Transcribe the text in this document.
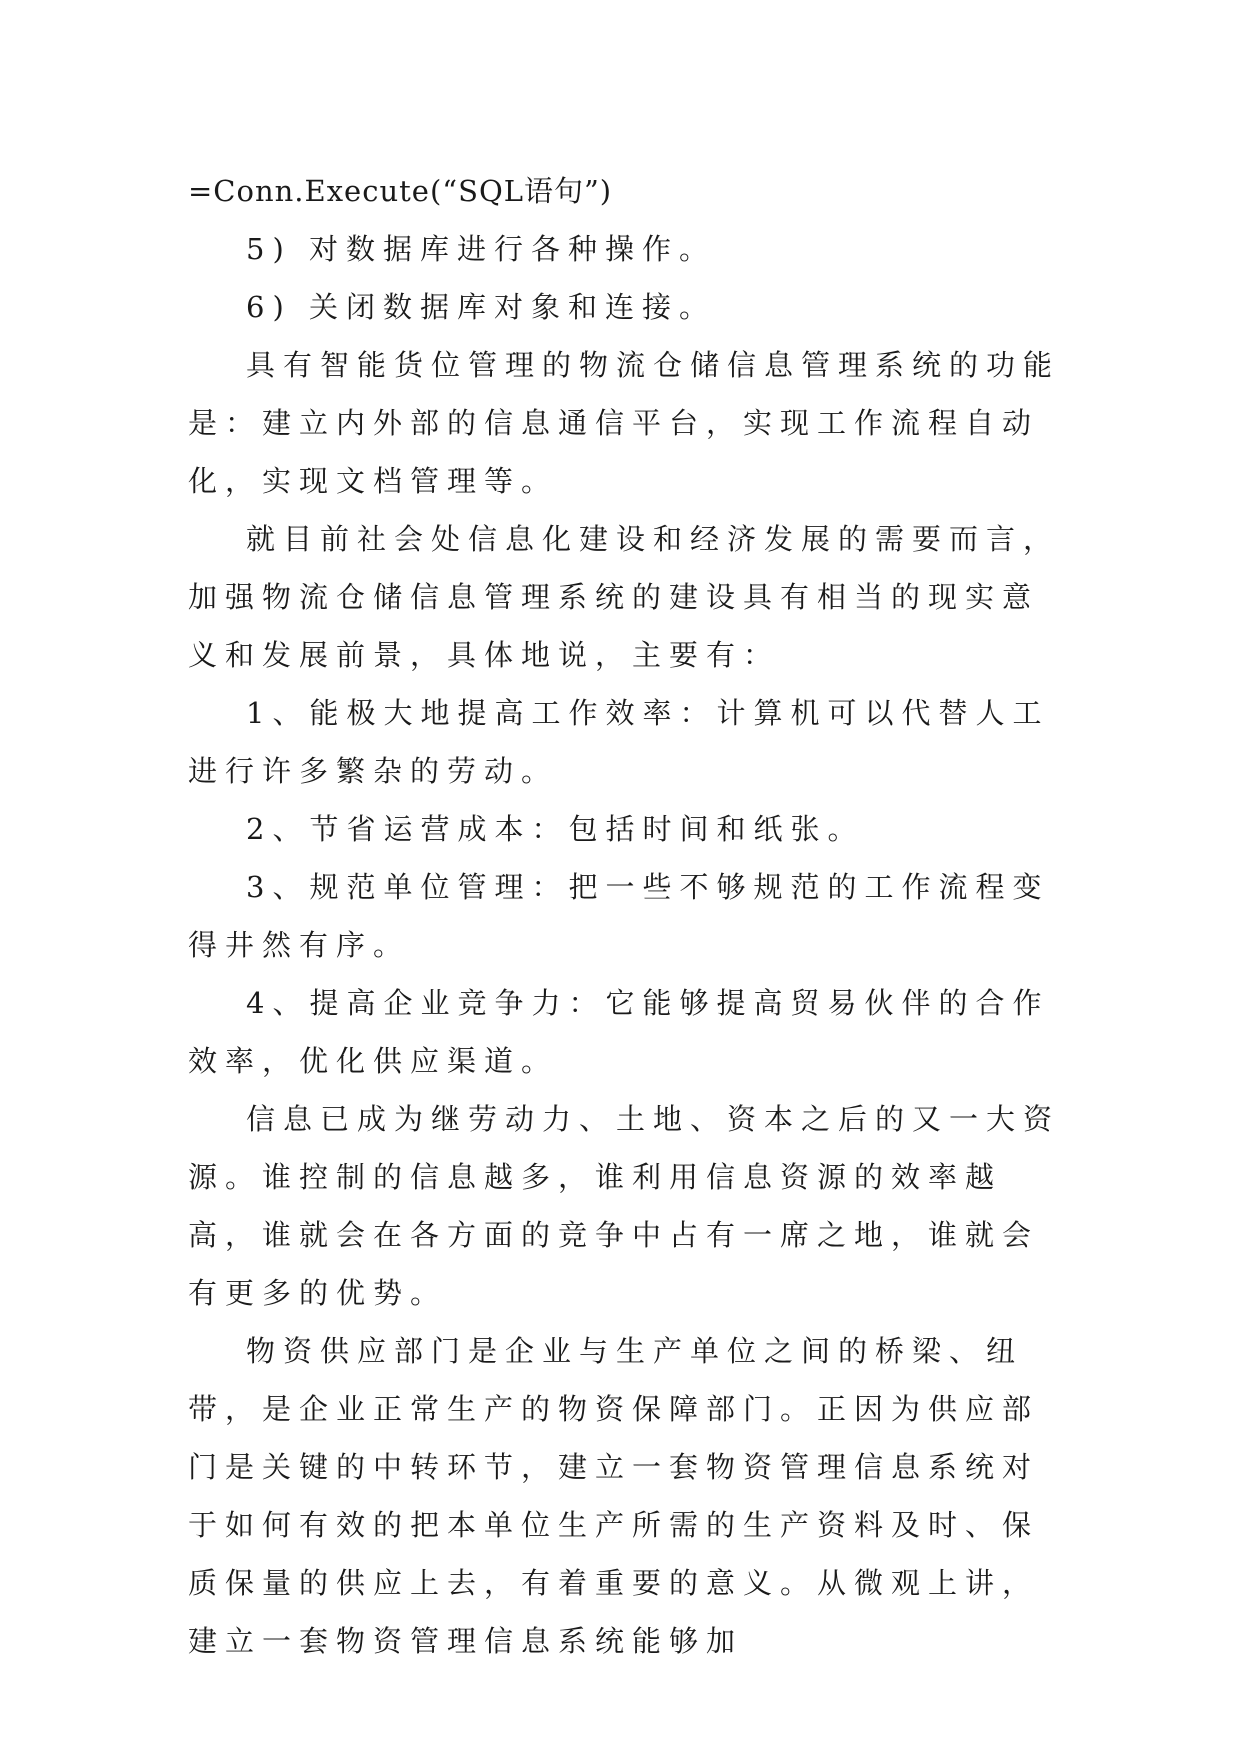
=Conn.Execute(“SQL语句”)

5) 对数据库进行各种操作。

6) 关闭数据库对象和连接。

具有智能货位管理的物流仓储信息管理系统的功能是：建立内外部的信息通信平台，实现工作流程自动化，实现文档管理等。

就目前社会处信息化建设和经济发展的需要而言，加强物流仓储信息管理系统的建设具有相当的现实意义和发展前景，具体地说，主要有：

1、能极大地提高工作效率：计算机可以代替人工进行许多繁杂的劳动。

2、节省运营成本：包括时间和纸张。

3、规范单位管理：把一些不够规范的工作流程变得井然有序。

4、提高企业竞争力：它能够提高贸易伙伴的合作效率，优化供应渠道。

信息已成为继劳动力、土地、资本之后的又一大资源。谁控制的信息越多，谁利用信息资源的效率越高，谁就会在各方面的竞争中占有一席之地，谁就会有更多的优势。

物资供应部门是企业与生产单位之间的桥梁、纽带，是企业正常生产的物资保障部门。正因为供应部门是关键的中转环节，建立一套物资管理信息系统对于如何有效的把本单位生产所需的生产资料及时、保质保量的供应上去，有着重要的意义。从微观上讲，建立一套物资管理信息系统能够加
